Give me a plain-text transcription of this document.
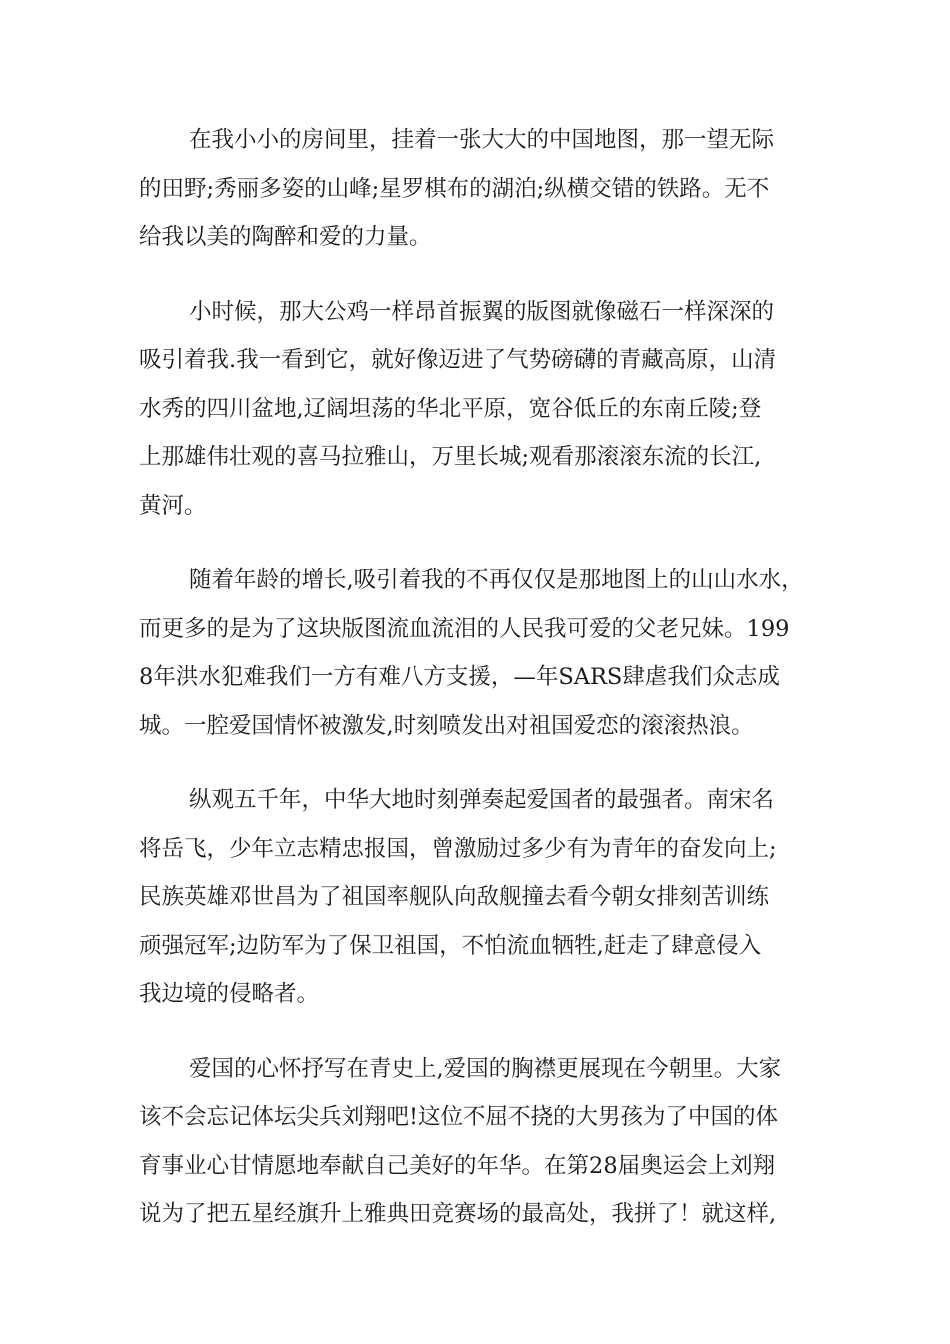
在我小小的房间里，挂着一张大大的中国地图，那一望无际
的田野;秀丽多姿的山峰;星罗棋布的湖泊;纵横交错的铁路。无不
给我以美的陶醉和爱的力量。
小时候，那大公鸡一样昂首振翼的版图就像磁石一样深深的
吸引着我.我一看到它，就好像迈进了气势磅礴的青藏高原，山清
水秀的四川盆地,辽阔坦荡的华北平原，宽谷低丘的东南丘陵;登
上那雄伟壮观的喜马拉雅山，万里长城;观看那滚滚东流的长江,
黄河。
随着年龄的增长,吸引着我的不再仅仅是那地图上的山山水水，
而更多的是为了这块版图流血流泪的人民我可爱的父老兄妹。199
8年洪水犯难我们一方有难八方支援，—年SARS肆虐我们众志成
城。一腔爱国情怀被激发,时刻喷发出对祖国爱恋的滚滚热浪。
纵观五千年，中华大地时刻弹奏起爱国者的最强者。南宋名
将岳飞，少年立志精忠报国，曾激励过多少有为青年的奋发向上;
民族英雄邓世昌为了祖国率舰队向敌舰撞去看今朝女排刻苦训练
顽强冠军;边防军为了保卫祖国，不怕流血牺牲,赶走了肆意侵入
我边境的侵略者。
爱国的心怀抒写在青史上,爱国的胸襟更展现在今朝里。大家
该不会忘记体坛尖兵刘翔吧!这位不屈不挠的大男孩为了中国的体
育事业心甘情愿地奉献自己美好的年华。在第28届奥运会上刘翔
说为了把五星经旗升上雅典田竞赛场的最高处，我拼了！就这样,
